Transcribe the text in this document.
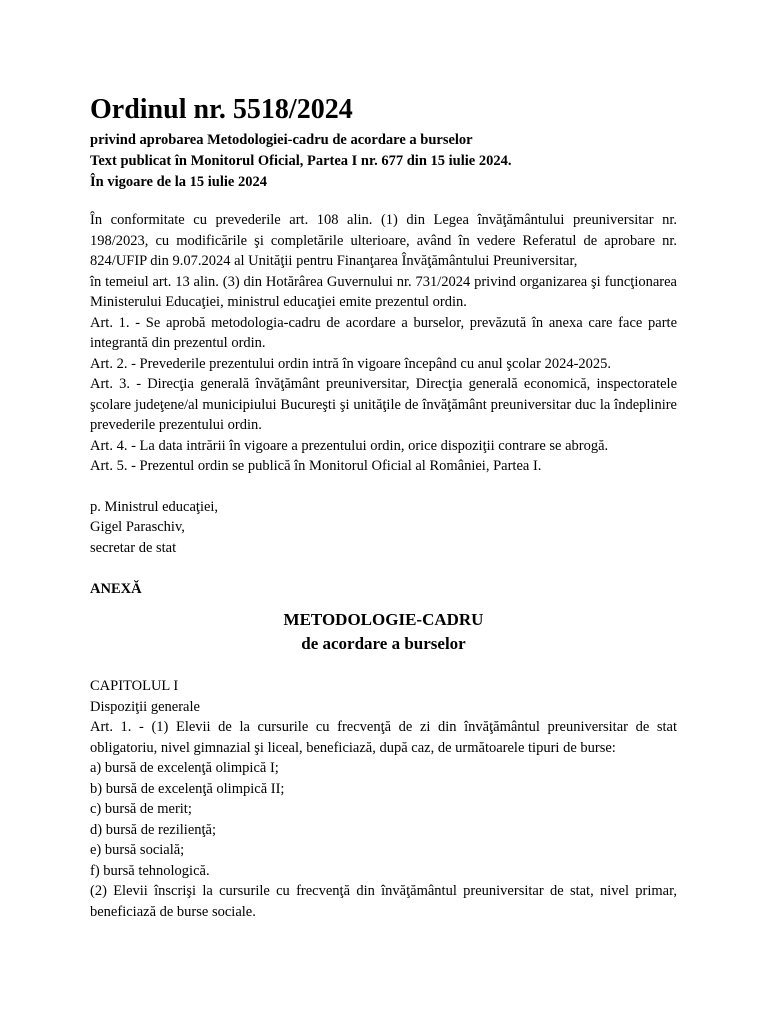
Ordinul nr. 5518/2024

privind aprobarea Metodologiei-cadru de acordare a burselor

Text publicat în Monitorul Oficial, Partea I nr. 677 din 15 iulie 2024.

În vigoare de la 15 iulie 2024

În conformitate cu prevederile art. 108 alin. (1) din Legea învăţământului preuniversitar nr. 198/2023, cu modificările şi completările ulterioare, având în vedere Referatul de aprobare nr. 824/UFIP din 9.07.2024 al Unităţii pentru Finanţarea Învăţământului Preuniversitar,

în temeiul art. 13 alin. (3) din Hotărârea Guvernului nr. 731/2024 privind organizarea şi funcţionarea Ministerului Educaţiei, ministrul educaţiei emite prezentul ordin.

Art. 1. - Se aprobă metodologia-cadru de acordare a burselor, prevăzută în anexa care face parte integrantă din prezentul ordin.

Art. 2. - Prevederile prezentului ordin intră în vigoare începând cu anul şcolar 2024-2025.

Art. 3. - Direcţia generală învăţământ preuniversitar, Direcţia generală economică, inspectoratele şcolare judeţene/al municipiului Bucureşti şi unităţile de învăţământ preuniversitar duc la îndeplinire prevederile prezentului ordin.

Art. 4. - La data intrării în vigoare a prezentului ordin, orice dispoziţii contrare se abrogă.

Art. 5. - Prezentul ordin se publică în Monitorul Oficial al României, Partea I.

p. Ministrul educaţiei,

Gigel Paraschiv,

secretar de stat

ANEXĂ

METODOLOGIE-CADRU

de acordare a burselor

CAPITOLUL I

Dispoziţii generale

Art. 1. - (1) Elevii de la cursurile cu frecvenţă de zi din învăţământul preuniversitar de stat obligatoriu, nivel gimnazial şi liceal, beneficiază, după caz, de următoarele tipuri de burse:

a) bursă de excelenţă olimpică I;

b) bursă de excelenţă olimpică II;

c) bursă de merit;

d) bursă de rezilienţă;

e) bursă socială;

f) bursă tehnologică.

(2) Elevii înscrişi la cursurile cu frecvenţă din învăţământul preuniversitar de stat, nivel primar, beneficiază de burse sociale.
